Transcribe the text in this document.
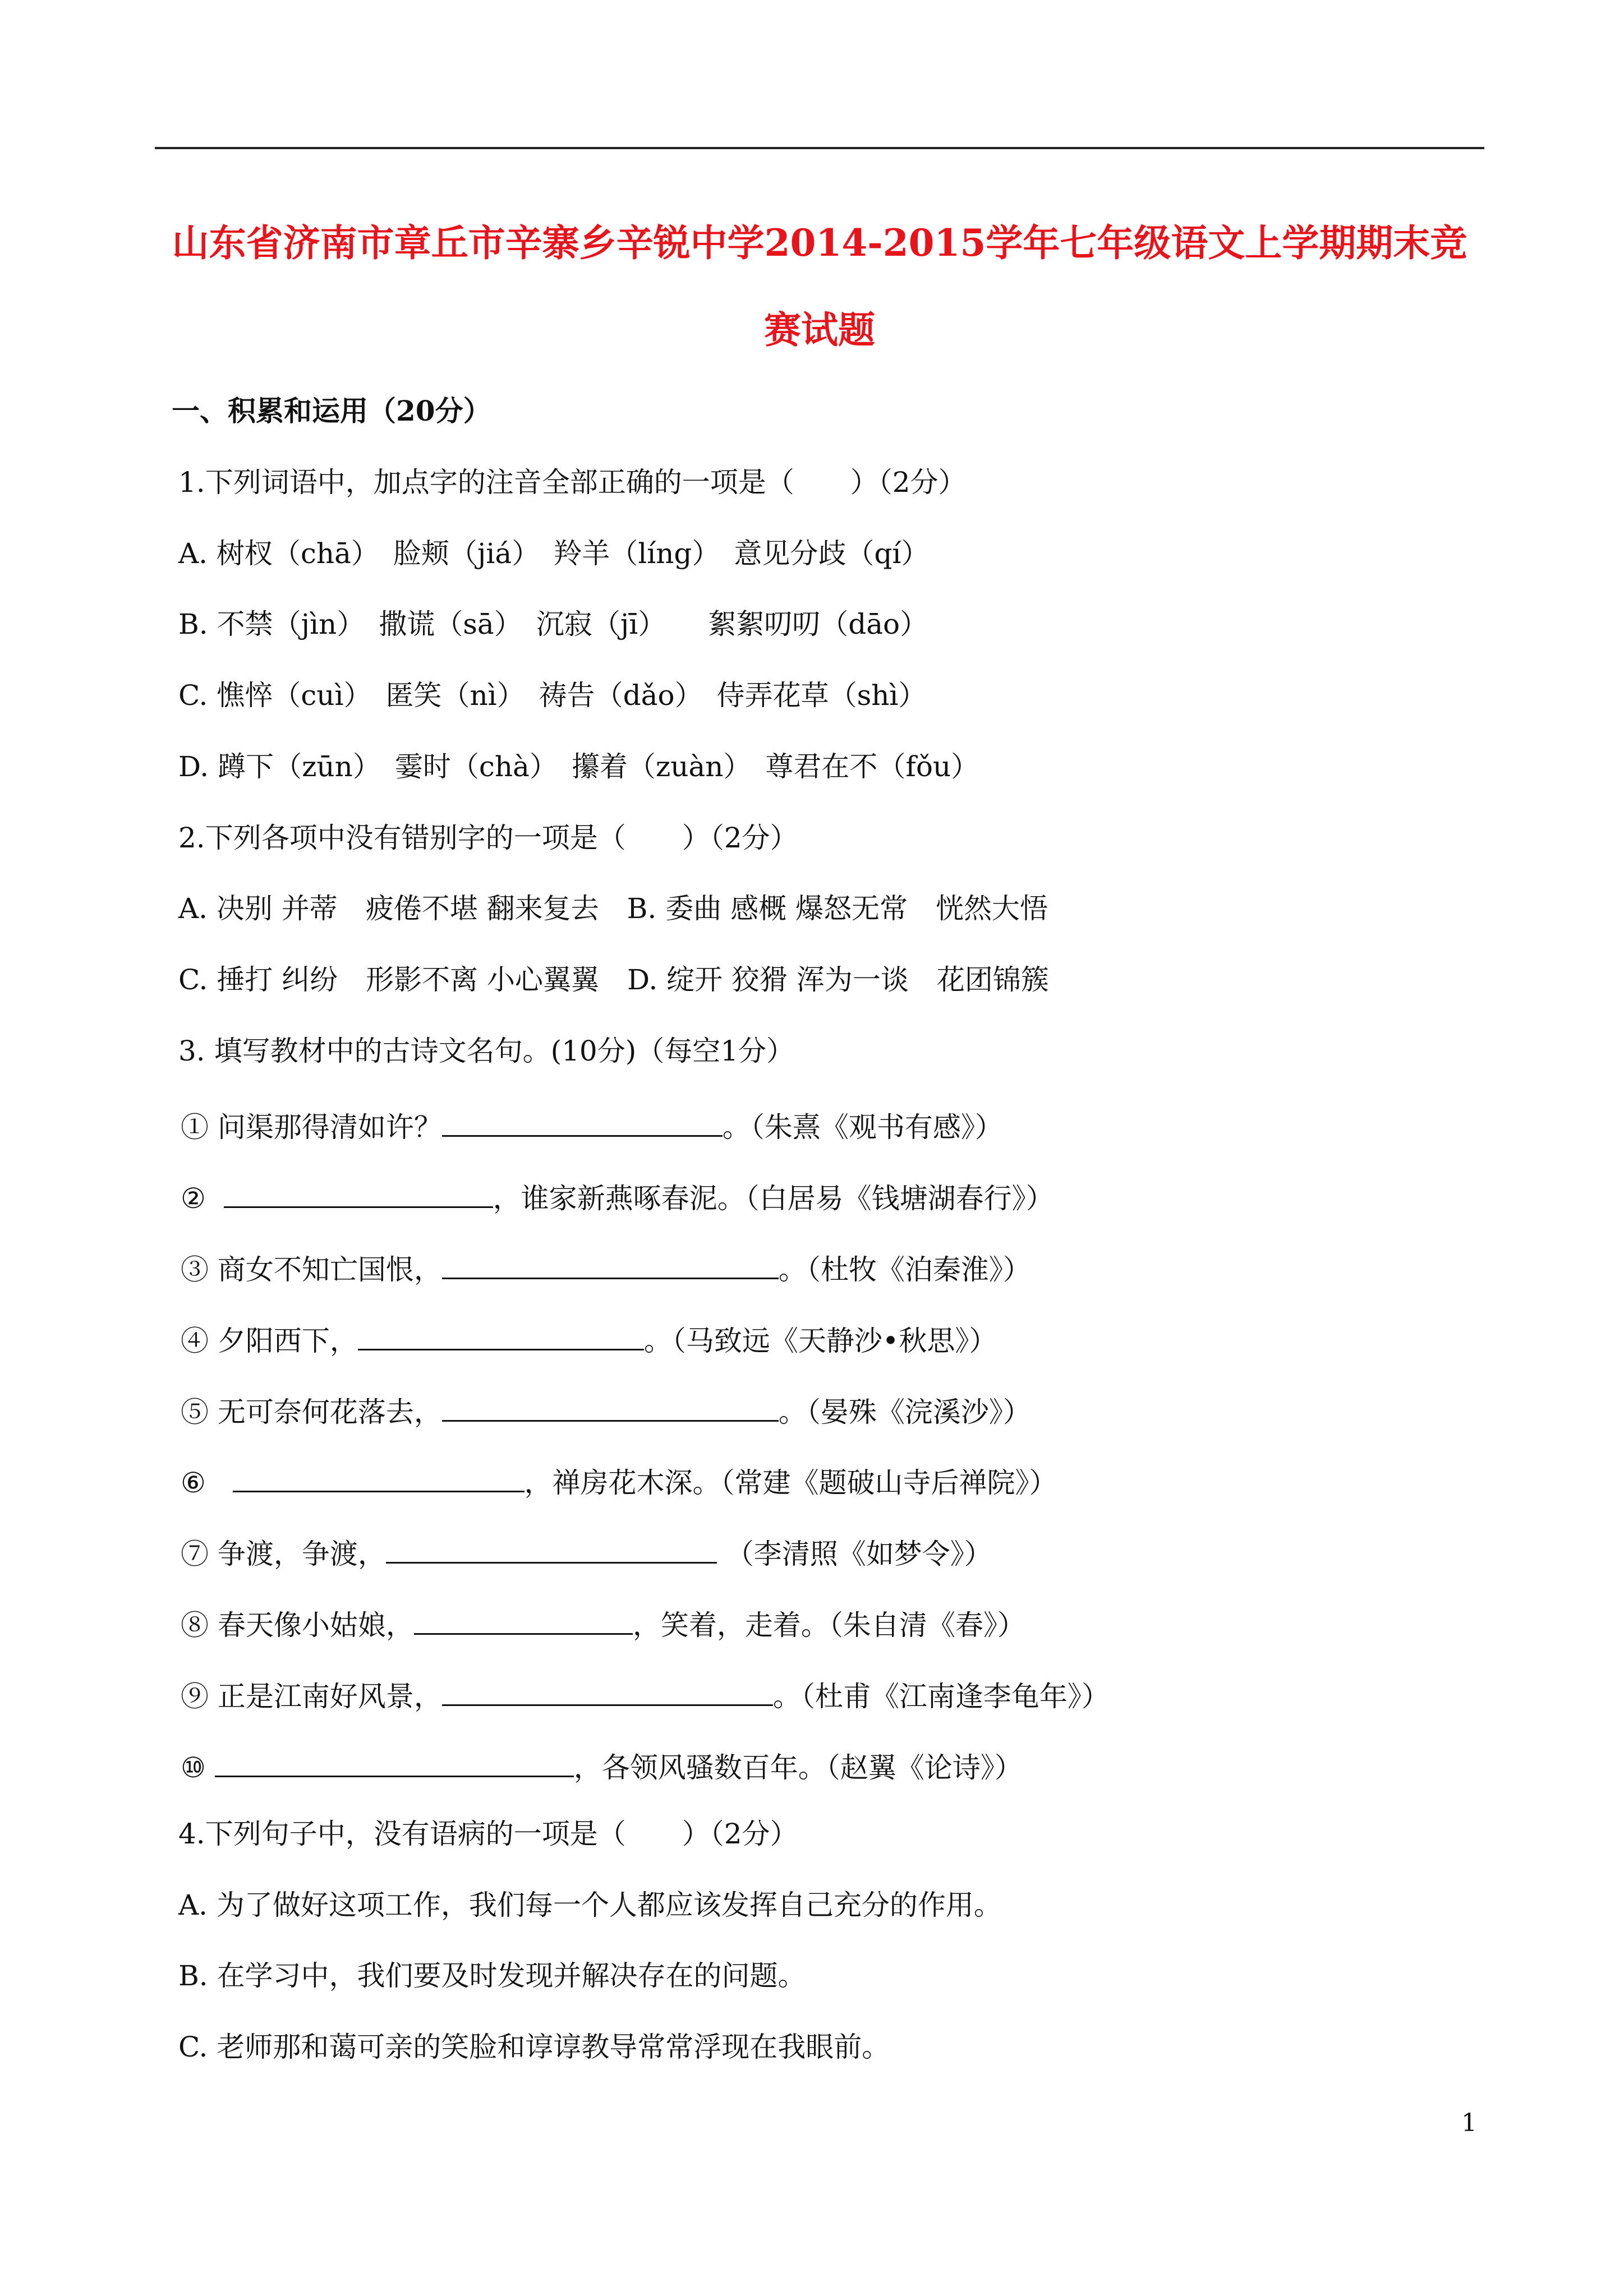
山东省济南市章丘市辛寨乡辛锐中学2014-2015学年七年级语文上学期期末竞
赛试题
一、积累和运用（20分）
1.下列词语中，加点字的注音全部正确的一项是（　　）（2分）
A. 树杈（chā）　脸颊（jiá）　羚羊（líng）　意见分歧（qí）
B. 不禁（jìn）　撒谎（sā）　沉寂（jī）　　絮絮叨叨（dāo）
C. 憔悴（cuì）　匿笑（nì）　祷告（dǎo）　侍弄花草（shì）
D. 蹲下（zūn）　霎时（chà）　攥着（zuàn）　尊君在不（fǒu）
2.下列各项中没有错别字的一项是（　　）（2分）
A. 决别 并蒂　疲倦不堪 翻来复去　B. 委曲 感概 爆怒无常　恍然大悟
C. 捶打 纠纷　形影不离 小心翼翼　D. 绽开 狡猾 浑为一谈　花团锦簇
3. 填写教材中的古诗文名句。(10分)（每空1分）
① 问渠那得清如许？	。（朱熹《观书有感》）
②	，谁家新燕啄春泥。（白居易《钱塘湖春行》）
③ 商女不知亡国恨，	。（杜牧《泊秦淮》）
④ 夕阳西下，	。（马致远《天静沙•秋思》）
⑤ 无可奈何花落去，	。（晏殊《浣溪沙》）
⑥	，禅房花木深。（常建《题破山寺后禅院》）
⑦ 争渡，争渡，	（李清照《如梦令》）
⑧ 春天像小姑娘，	，笑着，走着。（朱自清《春》）
⑨ 正是江南好风景，	。（杜甫《江南逢李龟年》）
⑩	，各领风骚数百年。（赵翼《论诗》）
4.下列句子中，没有语病的一项是（　　）（2分）
A. 为了做好这项工作，我们每一个人都应该发挥自己充分的作用。
B. 在学习中，我们要及时发现并解决存在的问题。
C. 老师那和蔼可亲的笑脸和谆谆教导常常浮现在我眼前。
1
